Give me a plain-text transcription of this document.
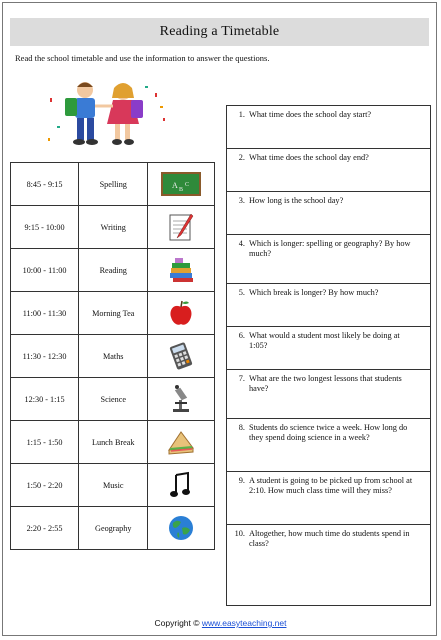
Reading a Timetable
Read the school timetable and use the information to answer the questions.
8:45 - 9:15	Spelling	A B
C

9:15 - 10:00	Writing	

10:00 - 11:00	Reading	

11:00 - 11:30	Morning Tea	

11:30 - 12:30	Maths	

12:30 - 1:15	Science	

1:15 - 1:50	Lunch Break	

1:50 - 2:20	Music	

2:20 - 2:55	Geography	
1. What time does the school day start?
2. What time does the school day end?
3. How long is the school day?
4. Which is longer: spelling or geography? By how much?
5. Which break is longer? By how much?
6. What would a student most likely be doing at 1:05?
7. What are the two longest lessons that students have?
8. Students do science twice a week. How long do they spend doing science in a week?
9. A student is going to be picked up from school at 2:10. How much class time will they miss?
10. Altogether, how much time do students spend in class?
Copyright © www.easyteaching.net
